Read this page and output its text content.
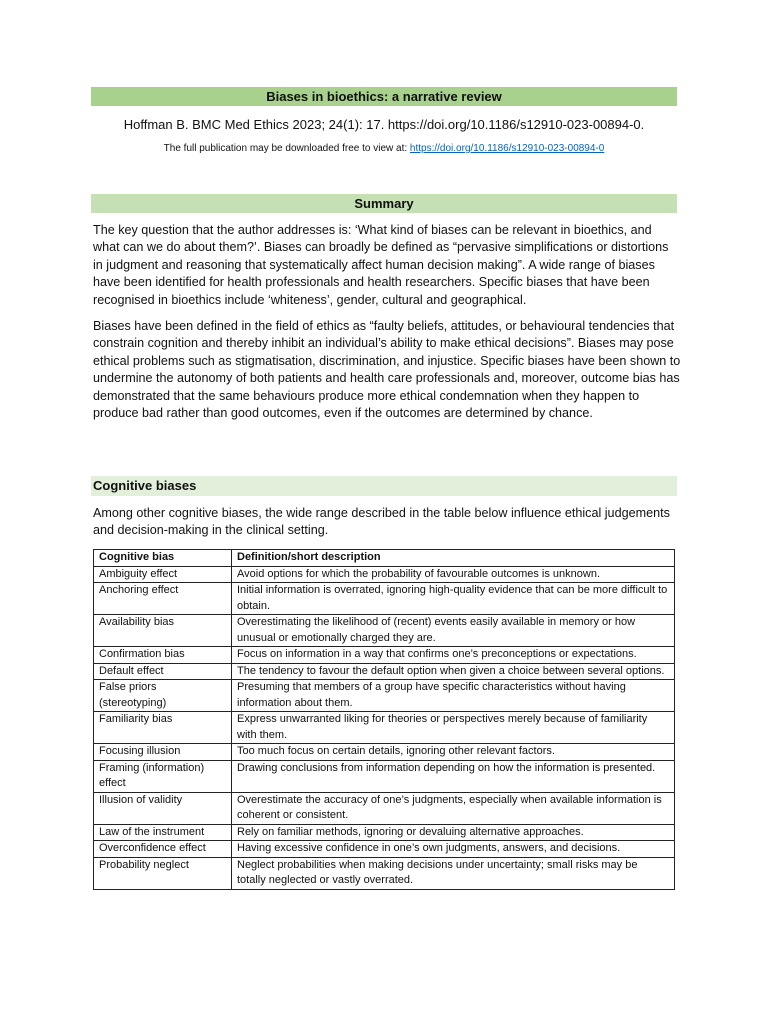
Biases in bioethics: a narrative review
Hoffman B. BMC Med Ethics 2023; 24(1): 17. https://doi.org/10.1186/s12910-023-00894-0.
The full publication may be downloaded free to view at: https://doi.org/10.1186/s12910-023-00894-0
Summary

The key question that the author addresses is: ‘What kind of biases can be relevant in bioethics, and what can we do about them?’. Biases can broadly be defined as “pervasive simplifications or distortions in judgment and reasoning that systematically affect human decision making”. A wide range of biases have been identified for health professionals and health researchers. Specific biases that have been recognised in bioethics include ‘whiteness’, gender, cultural and geographical.

Biases have been defined in the field of ethics as “faulty beliefs, attitudes, or behavioural tendencies that constrain cognition and thereby inhibit an individual’s ability to make ethical decisions”. Biases may pose ethical problems such as stigmatisation, discrimination, and injustice. Specific biases have been shown to undermine the autonomy of both patients and health care professionals and, moreover, outcome bias has demonstrated that the same behaviours produce more ethical condemnation when they happen to produce bad rather than good outcomes, even if the outcomes are determined by chance.

Cognitive biases

Among other cognitive biases, the wide range described in the table below influence ethical judgements and decision-making in the clinical setting.

Cognitive bias	Definition/short description
Ambiguity effect	Avoid options for which the probability of favourable outcomes is unknown.
Anchoring effect	Initial information is overrated, ignoring high-quality evidence that can be more difficult to obtain.
Availability bias	Overestimating the likelihood of (recent) events easily available in memory or how unusual or emotionally charged they are.
Confirmation bias	Focus on information in a way that confirms one’s preconceptions or expectations.
Default effect	The tendency to favour the default option when given a choice between several options.
False priors (stereotyping)	Presuming that members of a group have specific characteristics without having information about them.
Familiarity bias	Express unwarranted liking for theories or perspectives merely because of familiarity with them.
Focusing illusion	Too much focus on certain details, ignoring other relevant factors.
Framing (information) effect	Drawing conclusions from information depending on how the information is presented.
Illusion of validity	Overestimate the accuracy of one’s judgments, especially when available information is coherent or consistent.
Law of the instrument	Rely on familiar methods, ignoring or devaluing alternative approaches.
Overconfidence effect	Having excessive confidence in one’s own judgments, answers, and decisions.
Probability neglect	Neglect probabilities when making decisions under uncertainty; small risks may be totally neglected or vastly overrated.
